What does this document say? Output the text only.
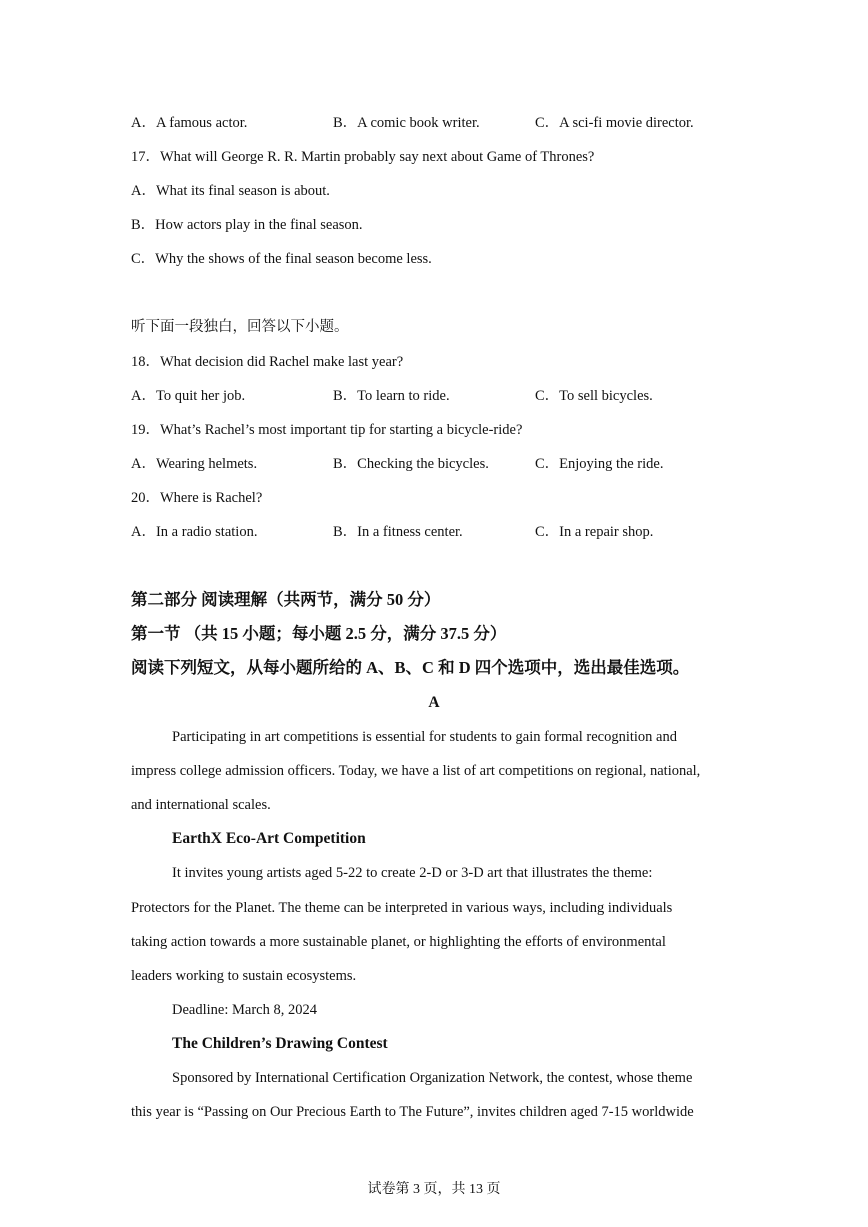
A．A famous actor.	B．A comic book writer.	C．A sci-fi movie director.
17．What will George R. R. Martin probably say next about Game of Thrones?
A．What its final season is about.
B．How actors play in the final season.
C．Why the shows of the final season become less.
听下面一段独白，回答以下小题。
18．What decision did Rachel make last year?
A．To quit her job.	B．To learn to ride.	C．To sell bicycles.
19．What’s Rachel’s most important tip for starting a bicycle-ride?
A．Wearing helmets.	B．Checking the bicycles.	C．Enjoying the ride.
20．Where is Rachel?
A．In a radio station.	B．In a fitness center.	C．In a repair shop.
第二部分 阅读理解（共两节，满分 50 分）
第一节 （共 15 小题；每小题 2.5 分，满分 37.5 分）
阅读下列短文，从每小题所给的 A、B、C 和 D 四个选项中，选出最佳选项。
A
Participating in art competitions is essential for students to gain formal recognition and
impress college admission officers. Today, we have a list of art competitions on regional, national,
and international scales.
EarthX Eco-Art Competition
It invites young artists aged 5-22 to create 2-D or 3-D art that illustrates the theme:
Protectors for the Planet. The theme can be interpreted in various ways, including individuals
taking action towards a more sustainable planet, or highlighting the efforts of environmental
leaders working to sustain ecosystems.
Deadline: March 8, 2024
The Children’s Drawing Contest
Sponsored by International Certification Organization Network, the contest, whose theme
this year is “Passing on Our Precious Earth to The Future”, invites children aged 7-15 worldwide
试卷第 3 页，共 13 页
